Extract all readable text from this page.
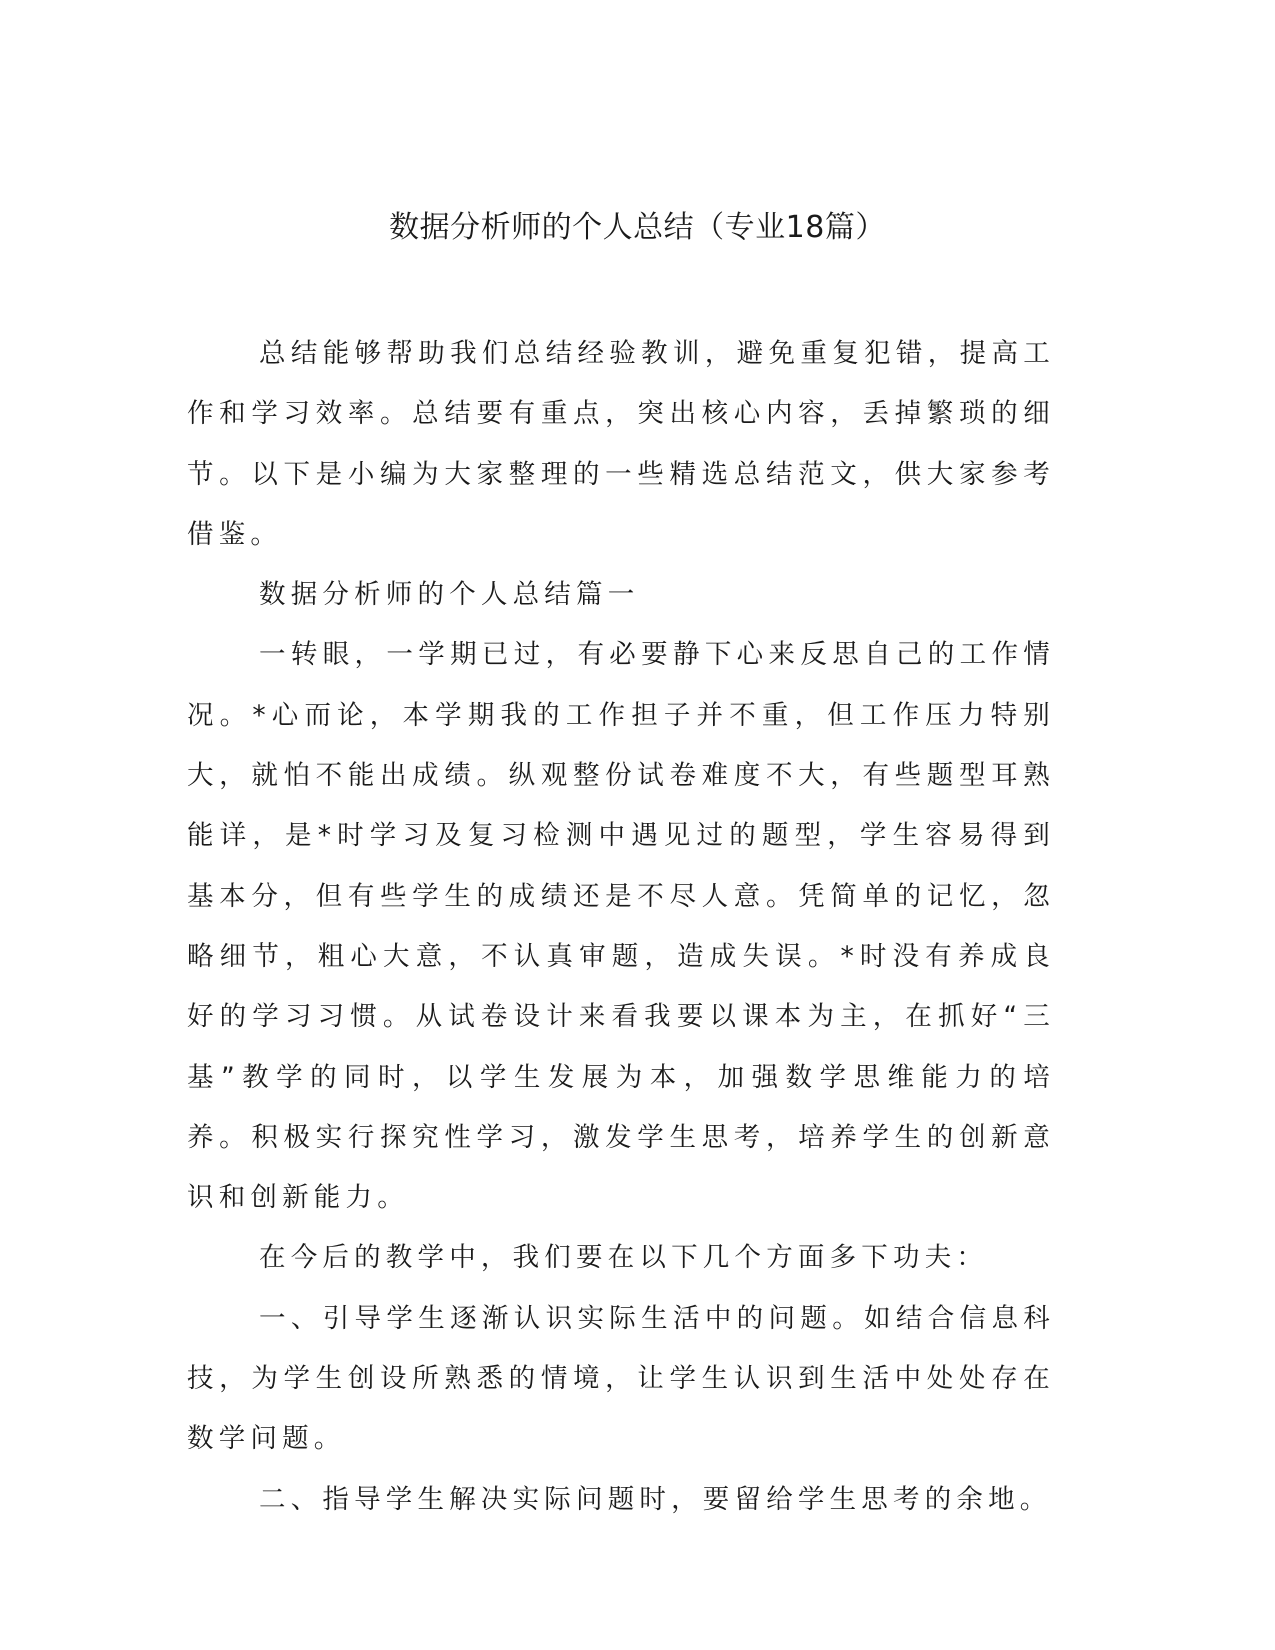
数据分析师的个人总结（专业18篇）

总结能够帮助我们总结经验教训，避免重复犯错，提高工作和学习效率。总结要有重点，突出核心内容，丢掉繁琐的细节。以下是小编为大家整理的一些精选总结范文，供大家参考借鉴。

数据分析师的个人总结篇一

一转眼，一学期已过，有必要静下心来反思自己的工作情况。*心而论，本学期我的工作担子并不重，但工作压力特别大，就怕不能出成绩。纵观整份试卷难度不大，有些题型耳熟能详，是*时学习及复习检测中遇见过的题型，学生容易得到基本分，但有些学生的成绩还是不尽人意。凭简单的记忆，忽略细节，粗心大意，不认真审题，造成失误。*时没有养成良好的学习习惯。从试卷设计来看我要以课本为主，在抓好“三基”教学的同时，以学生发展为本，加强数学思维能力的培养。积极实行探究性学习，激发学生思考，培养学生的创新意识和创新能力。

在今后的教学中，我们要在以下几个方面多下功夫：

一、引导学生逐渐认识实际生活中的问题。如结合信息科技，为学生创设所熟悉的情境，让学生认识到生活中处处存在数学问题。

二、指导学生解决实际问题时，要留给学生思考的余地。
